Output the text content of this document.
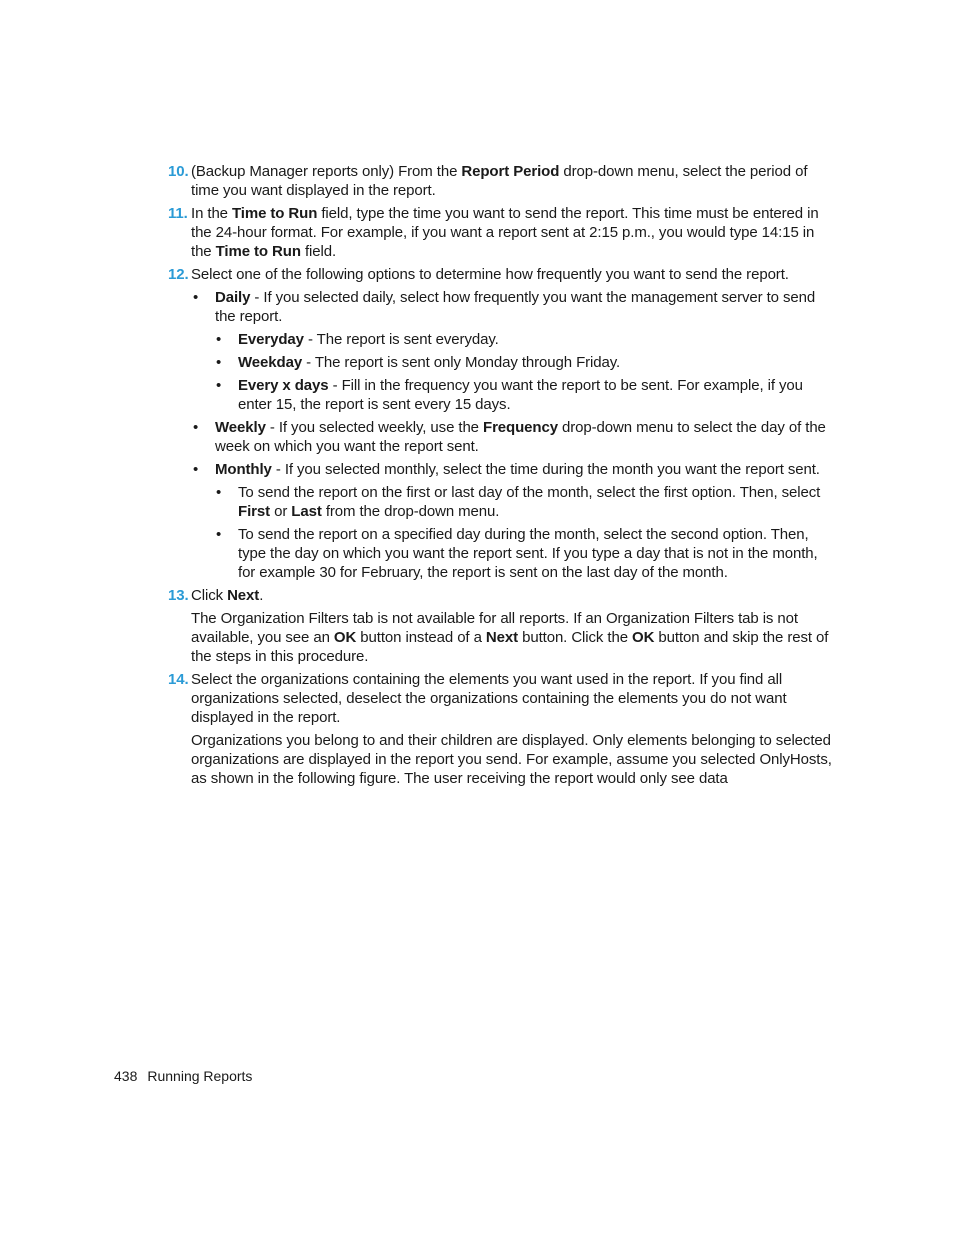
10. (Backup Manager reports only) From the Report Period drop-down menu, select the period of time you want displayed in the report.
11. In the Time to Run field, type the time you want to send the report. This time must be entered in the 24-hour format. For example, if you want a report sent at 2:15 p.m., you would type 14:15 in the Time to Run field.
12. Select one of the following options to determine how frequently you want to send the report.
• Daily - If you selected daily, select how frequently you want the management server to send the report.
• Everyday - The report is sent everyday.
• Weekday - The report is sent only Monday through Friday.
• Every x days - Fill in the frequency you want the report to be sent. For example, if you enter 15, the report is sent every 15 days.
• Weekly - If you selected weekly, use the Frequency drop-down menu to select the day of the week on which you want the report sent.
• Monthly - If you selected monthly, select the time during the month you want the report sent.
• To send the report on the first or last day of the month, select the first option. Then, select First or Last from the drop-down menu.
• To send the report on a specified day during the month, select the second option. Then, type the day on which you want the report sent. If you type a day that is not in the month, for example 30 for February, the report is sent on the last day of the month.
13. Click Next.
The Organization Filters tab is not available for all reports. If an Organization Filters tab is not available, you see an OK button instead of a Next button. Click the OK button and skip the rest of the steps in this procedure.
14. Select the organizations containing the elements you want used in the report. If you find all organizations selected, deselect the organizations containing the elements you do not want displayed in the report.
Organizations you belong to and their children are displayed. Only elements belonging to selected organizations are displayed in the report you send. For example, assume you selected OnlyHosts, as shown in the following figure. The user receiving the report would only see data
438 Running Reports
